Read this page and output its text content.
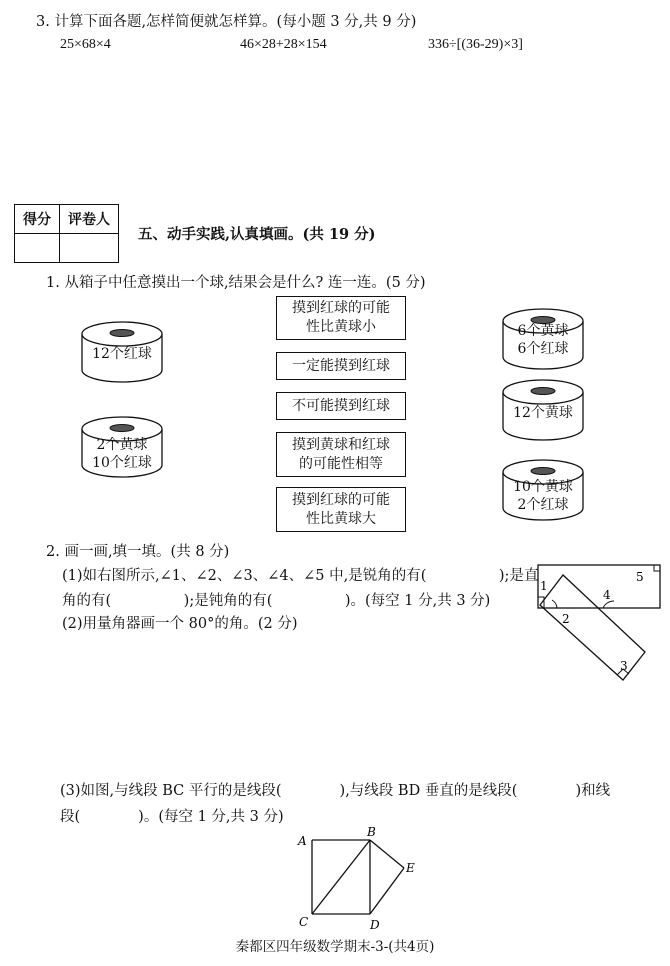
3. 计算下面各题,怎样简便就怎样算。(每小题 3 分,共 9 分)
25×68×4	46×28+28×154	336÷[(36-29)×3]
得分	评卷人

五、动手实践,认真填画。(共 19 分)
1. 从箱子中任意摸出一个球,结果会是什么? 连一连。(5 分)
12个红球
2个黄球
10个红球
6个黄球
6个红球
12个黄球
10个黄球
2个红球
摸到红球的可能
性比黄球小
一定能摸到红球
不可能摸到红球
摸到黄球和红球
的可能性相等
摸到红球的可能
性比黄球大
2. 画一画,填一填。(共 8 分)
(1)如右图所示,∠1、∠2、∠3、∠4、∠5 中,是锐角的有(　　　　　);是直
角的有(　　　　　);是钝角的有(　　　　　)。(每空 1 分,共 3 分)
(2)用量角器画一个 80°的角。(2 分)
1
2
3
4
5
(3)如图,与线段 BC 平行的是线段(　　　　),与线段 BD 垂直的是线段(　　　　)和线
段(　　　　)。(每空 1 分,共 3 分)
A
B
C	D
E
秦都区四年级数学期末-3-(共4页)
